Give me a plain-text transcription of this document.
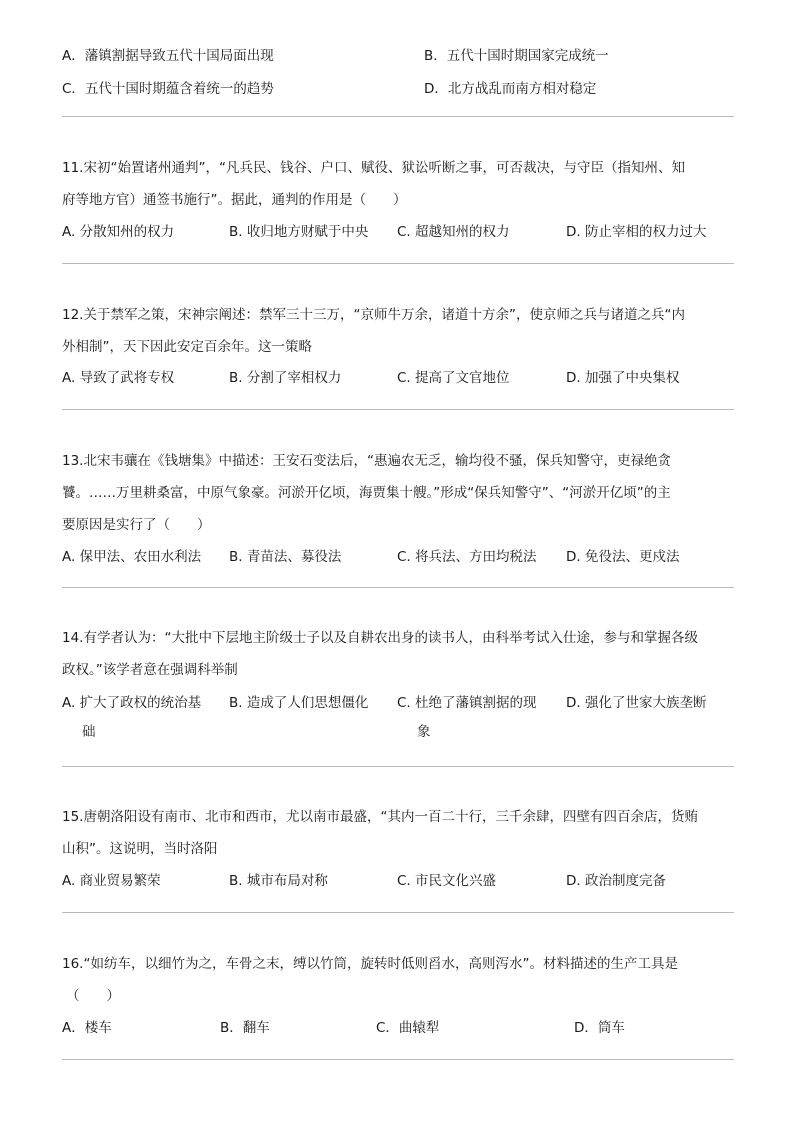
A．藩镇割据导致五代十国局面出现	B．五代十国时期国家完成统一
C．五代十国时期蕴含着统一的趋势	D．北方战乱而南方相对稳定
11.宋初“始置诸州通判”，“凡兵民、钱谷、户口、赋役、狱讼听断之事，可否裁决，与守臣（指知州、知
府等地方官）通签书施行”。据此，通判的作用是（　　）
A. 分散知州的权力	B. 收归地方财赋于中央 C. 超越知州的权力	D. 防止宰相的权力过大
12.关于禁军之策，宋神宗阐述：禁军三十三万，“京师牛万余，诸道十方余”，使京师之兵与诸道之兵“内
外相制”，天下因此安定百余年。这一策略
A. 导致了武将专权	B. 分割了宰相权力	C. 提高了文官地位	D. 加强了中央集权
13.北宋韦骧在《钱塘集》中描述：王安石变法后，“惠遍农无乏，输均役不骚，保兵知警守，吏禄绝贪
饕。……万里耕桑富，中原气象豪。河淤开亿顷，海贾集十艘。”形成“保兵知警守”、“河淤开亿顷”的主
要原因是实行了（　　）
A. 保甲法、农田水利法 B. 青苗法、募役法	C. 将兵法、方田均税法 D. 免役法、更戍法
14.有学者认为：“大批中下层地主阶级士子以及自耕农出身的读书人，由科举考试入仕途，参与和掌握各级
政权。”该学者意在强调科举制
A. 扩大了政权的统治基
础
B. 造成了人们思想僵化 C. 杜绝了藩镇割据的现
象
D. 强化了世家大族垄断
15.唐朝洛阳设有南市、北市和西市，尤以南市最盛，“其内一百二十行，三千余肆，四壁有四百余店，货贿
山积”。这说明，当时洛阳
A. 商业贸易繁荣	B. 城市布局对称	C. 市民文化兴盛	D. 政治制度完备
16.“如纺车，以细竹为之，车骨之末，缚以竹筒，旋转时低则舀水，高则泻水”。材料描述的生产工具是
（　　）
A．楼车	B．翻车	C．曲辕犁	D．筒车
